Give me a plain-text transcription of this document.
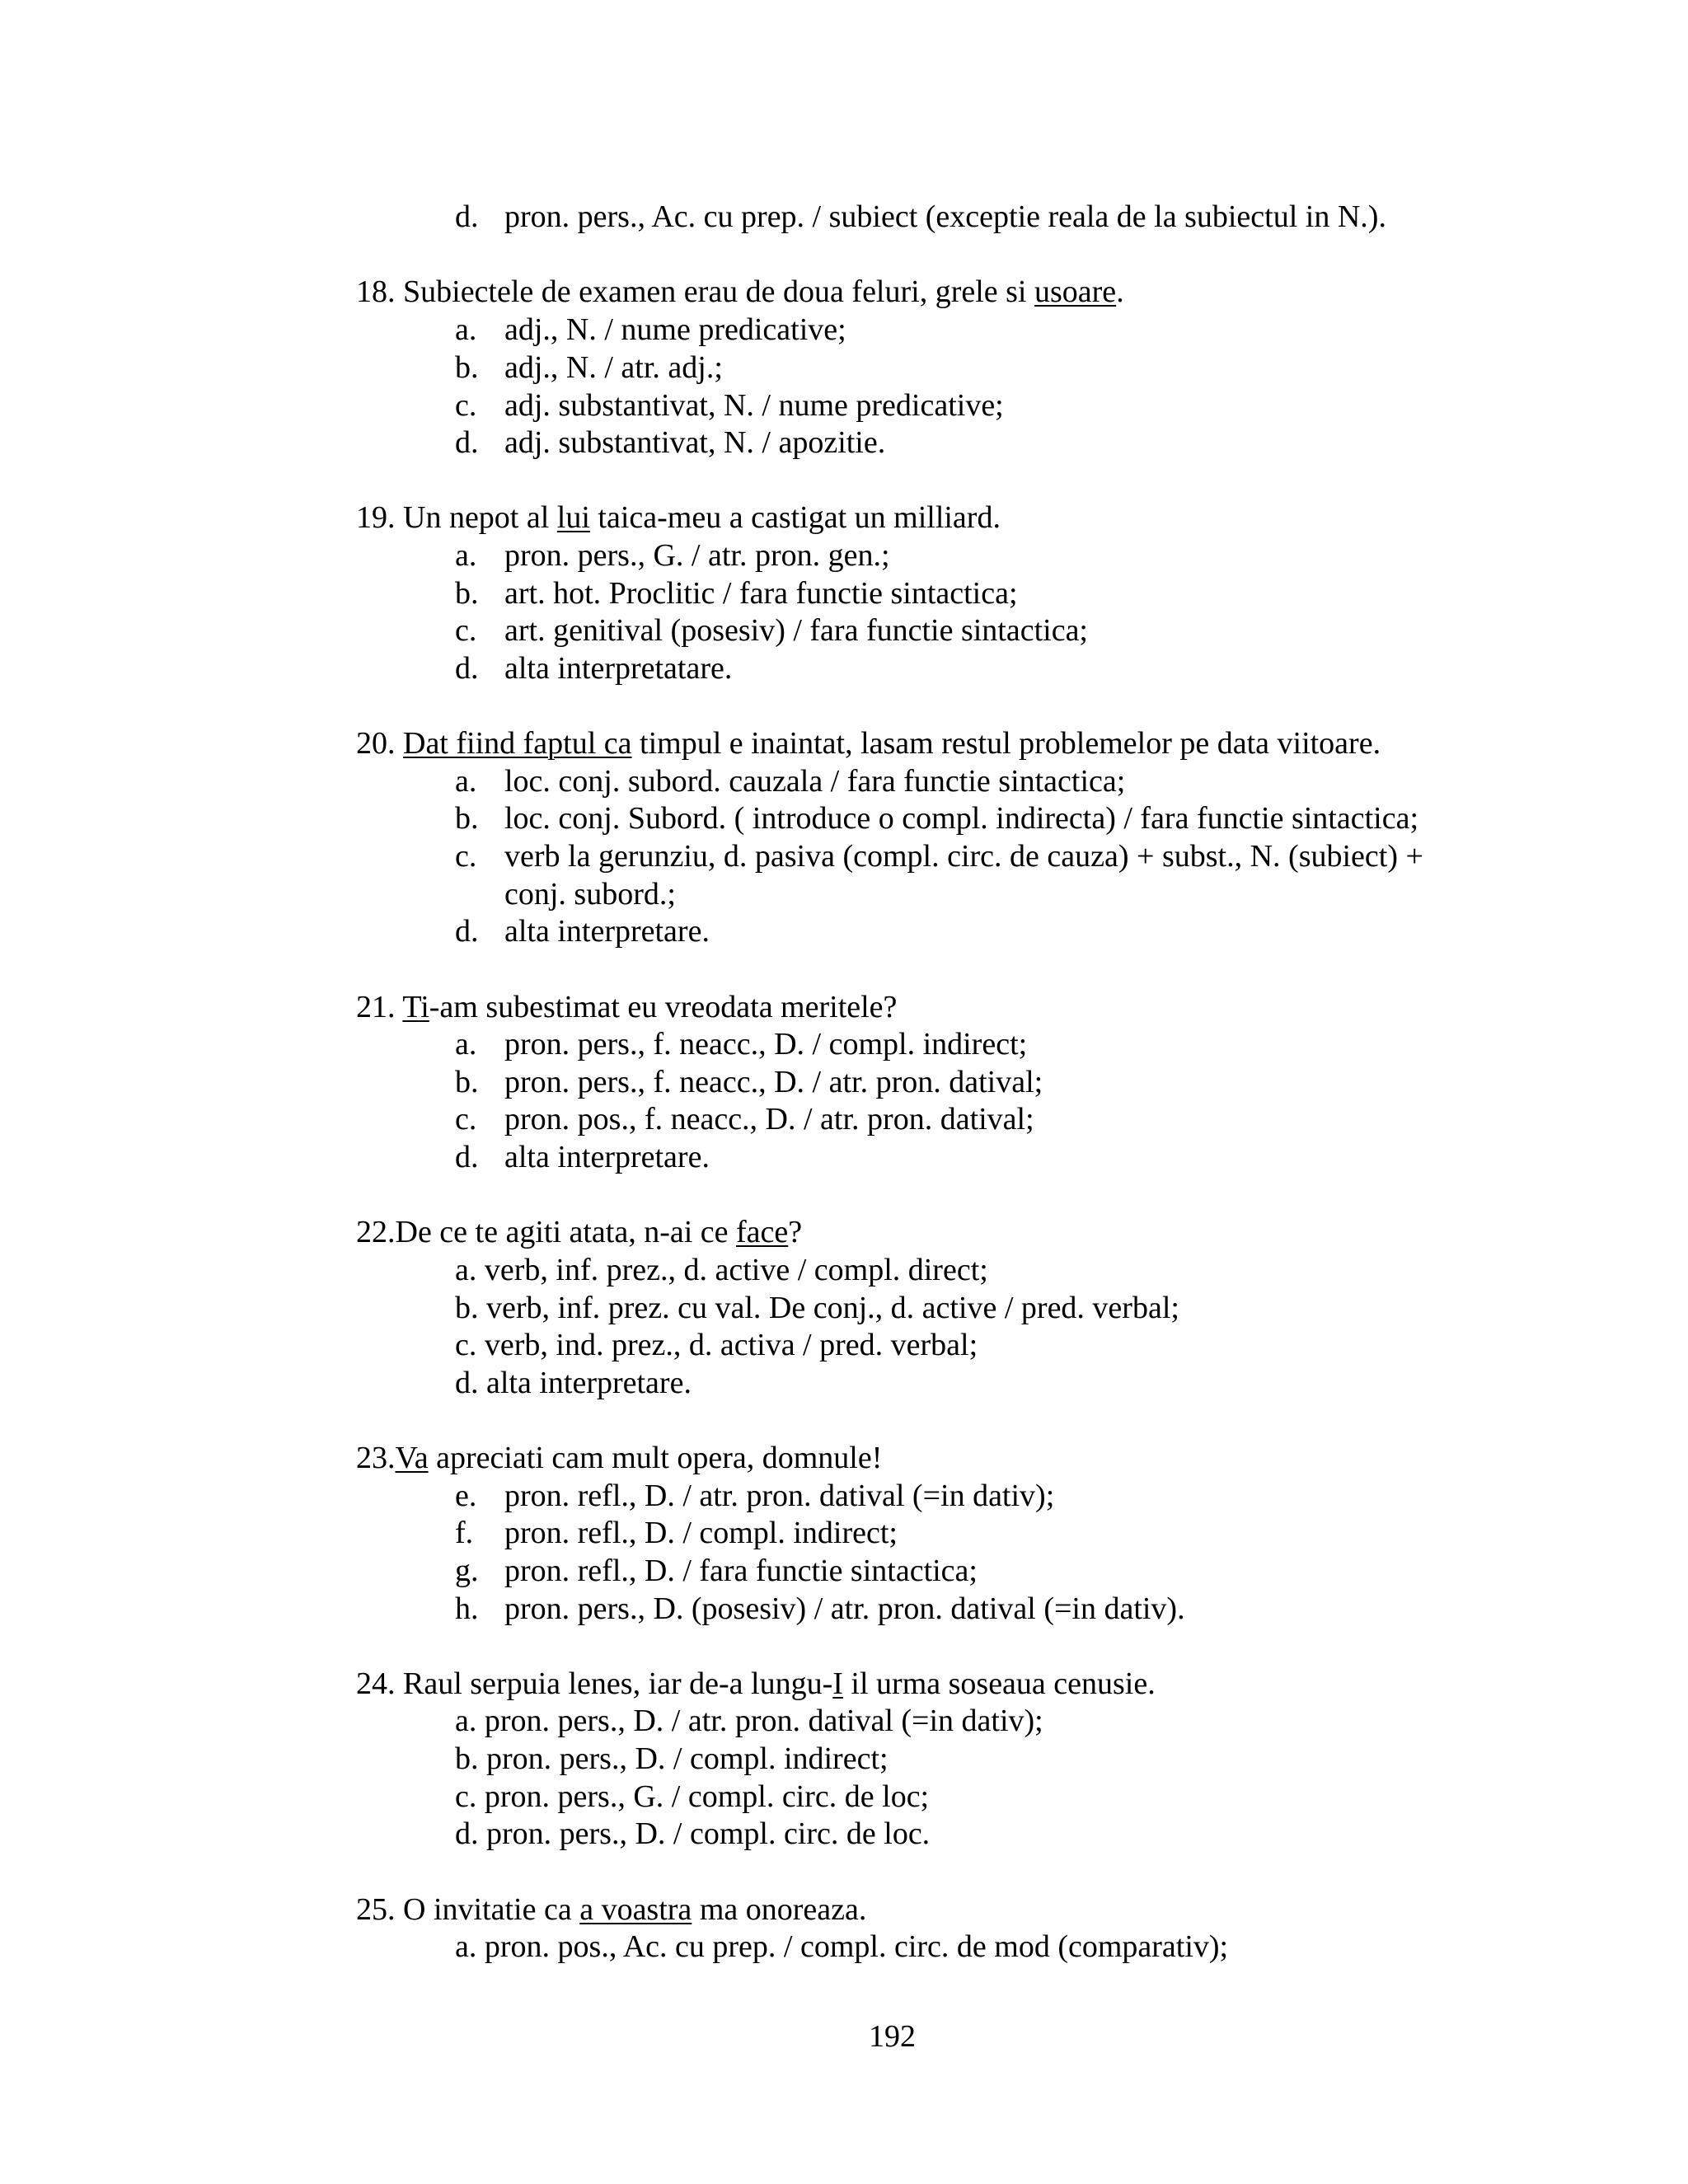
d. pron. pers., Ac. cu prep. / subiect (exceptie reala de la subiectul in N.).
18. Subiectele de examen erau de doua feluri, grele si usoare.
a. adj., N. / nume predicative;
b. adj., N. / atr. adj.;
c. adj. substantivat, N. / nume predicative;
d. adj. substantivat, N. / apozitie.
19. Un nepot al lui taica-meu a castigat un milliard.
a. pron. pers., G. / atr. pron. gen.;
b. art. hot. Proclitic / fara functie sintactica;
c. art. genitival (posesiv) / fara functie sintactica;
d. alta interpretatare.
20. Dat fiind faptul ca timpul e inaintat, lasam restul problemelor pe data viitoare.
a. loc. conj. subord. cauzala / fara functie sintactica;
b. loc. conj. Subord. ( introduce o compl. indirecta) / fara functie sintactica;
c. verb la gerunziu, d. pasiva (compl. circ. de cauza) + subst., N. (subiect) +
conj. subord.;
d. alta interpretare.
21. Ti-am subestimat eu vreodata meritele?
a. pron. pers., f. neacc., D. / compl. indirect;
b. pron. pers., f. neacc., D. / atr. pron. datival;
c. pron. pos., f. neacc., D. / atr. pron. datival;
d. alta interpretare.
22.De ce te agiti atata, n-ai ce face?
a. verb, inf. prez., d. active / compl. direct;
b. verb, inf. prez. cu val. De conj., d. active / pred. verbal;
c. verb, ind. prez., d. activa / pred. verbal;
d. alta interpretare.
23.Va apreciati cam mult opera, domnule!
e. pron. refl., D. / atr. pron. datival (=in dativ);
f. pron. refl., D. / compl. indirect;
g. pron. refl., D. / fara functie sintactica;
h. pron. pers., D. (posesiv) / atr. pron. datival (=in dativ).
24. Raul serpuia lenes, iar de-a lungu-I il urma soseaua cenusie.
a. pron. pers., D. / atr. pron. datival (=in dativ);
b. pron. pers., D. / compl. indirect;
c. pron. pers., G. / compl. circ. de loc;
d. pron. pers., D. / compl. circ. de loc.
25. O invitatie ca a voastra ma onoreaza.
a. pron. pos., Ac. cu prep. / compl. circ. de mod (comparativ);
192
